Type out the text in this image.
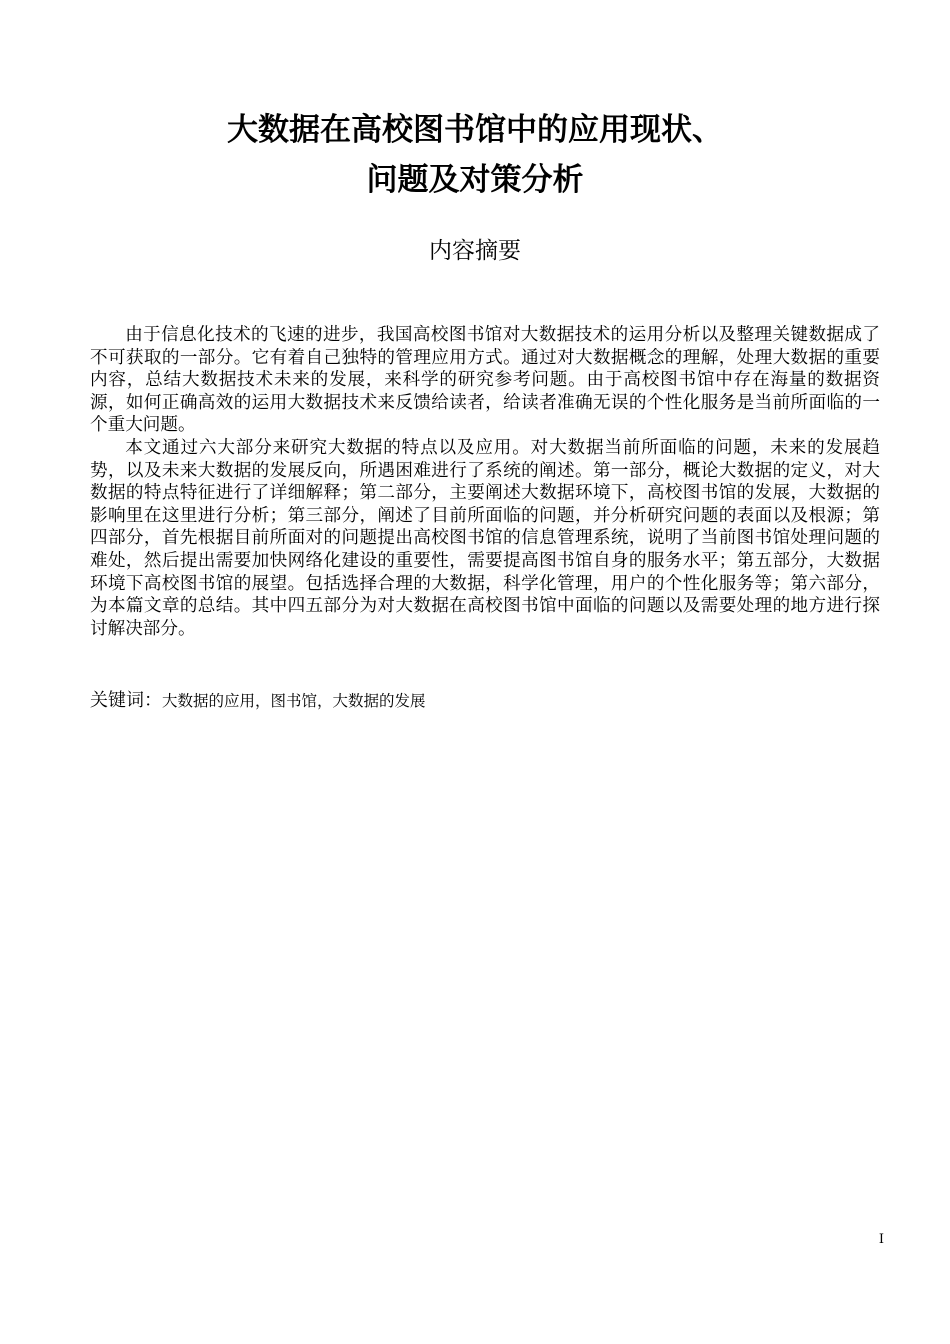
大数据在高校图书馆中的应用现状、
问题及对策分析
内容摘要

由于信息化技术的飞速的进步，我国高校图书馆对大数据技术的运用分析以及整理关键数据成了不可获取的一部分。它有着自己独特的管理应用方式。通过对大数据概念的理解，处理大数据的重要内容，总结大数据技术未来的发展，来科学的研究参考问题。由于高校图书馆中存在海量的数据资源，如何正确高效的运用大数据技术来反馈给读者，给读者准确无误的个性化服务是当前所面临的一个重大问题。

本文通过六大部分来研究大数据的特点以及应用。对大数据当前所面临的问题，未来的发展趋势，以及未来大数据的发展反向，所遇困难进行了系统的阐述。第一部分，概论大数据的定义，对大数据的特点特征进行了详细解释；第二部分，主要阐述大数据环境下，高校图书馆的发展，大数据的影响里在这里进行分析；第三部分，阐述了目前所面临的问题，并分析研究问题的表面以及根源；第四部分，首先根据目前所面对的问题提出高校图书馆的信息管理系统，说明了当前图书馆处理问题的难处，然后提出需要加快网络化建设的重要性，需要提高图书馆自身的服务水平；第五部分，大数据环境下高校图书馆的展望。包括选择合理的大数据，科学化管理，用户的个性化服务等；第六部分，为本篇文章的总结。其中四五部分为对大数据在高校图书馆中面临的问题以及需要处理的地方进行探讨解决部分。

关键词：大数据的应用，图书馆，大数据的发展
I
